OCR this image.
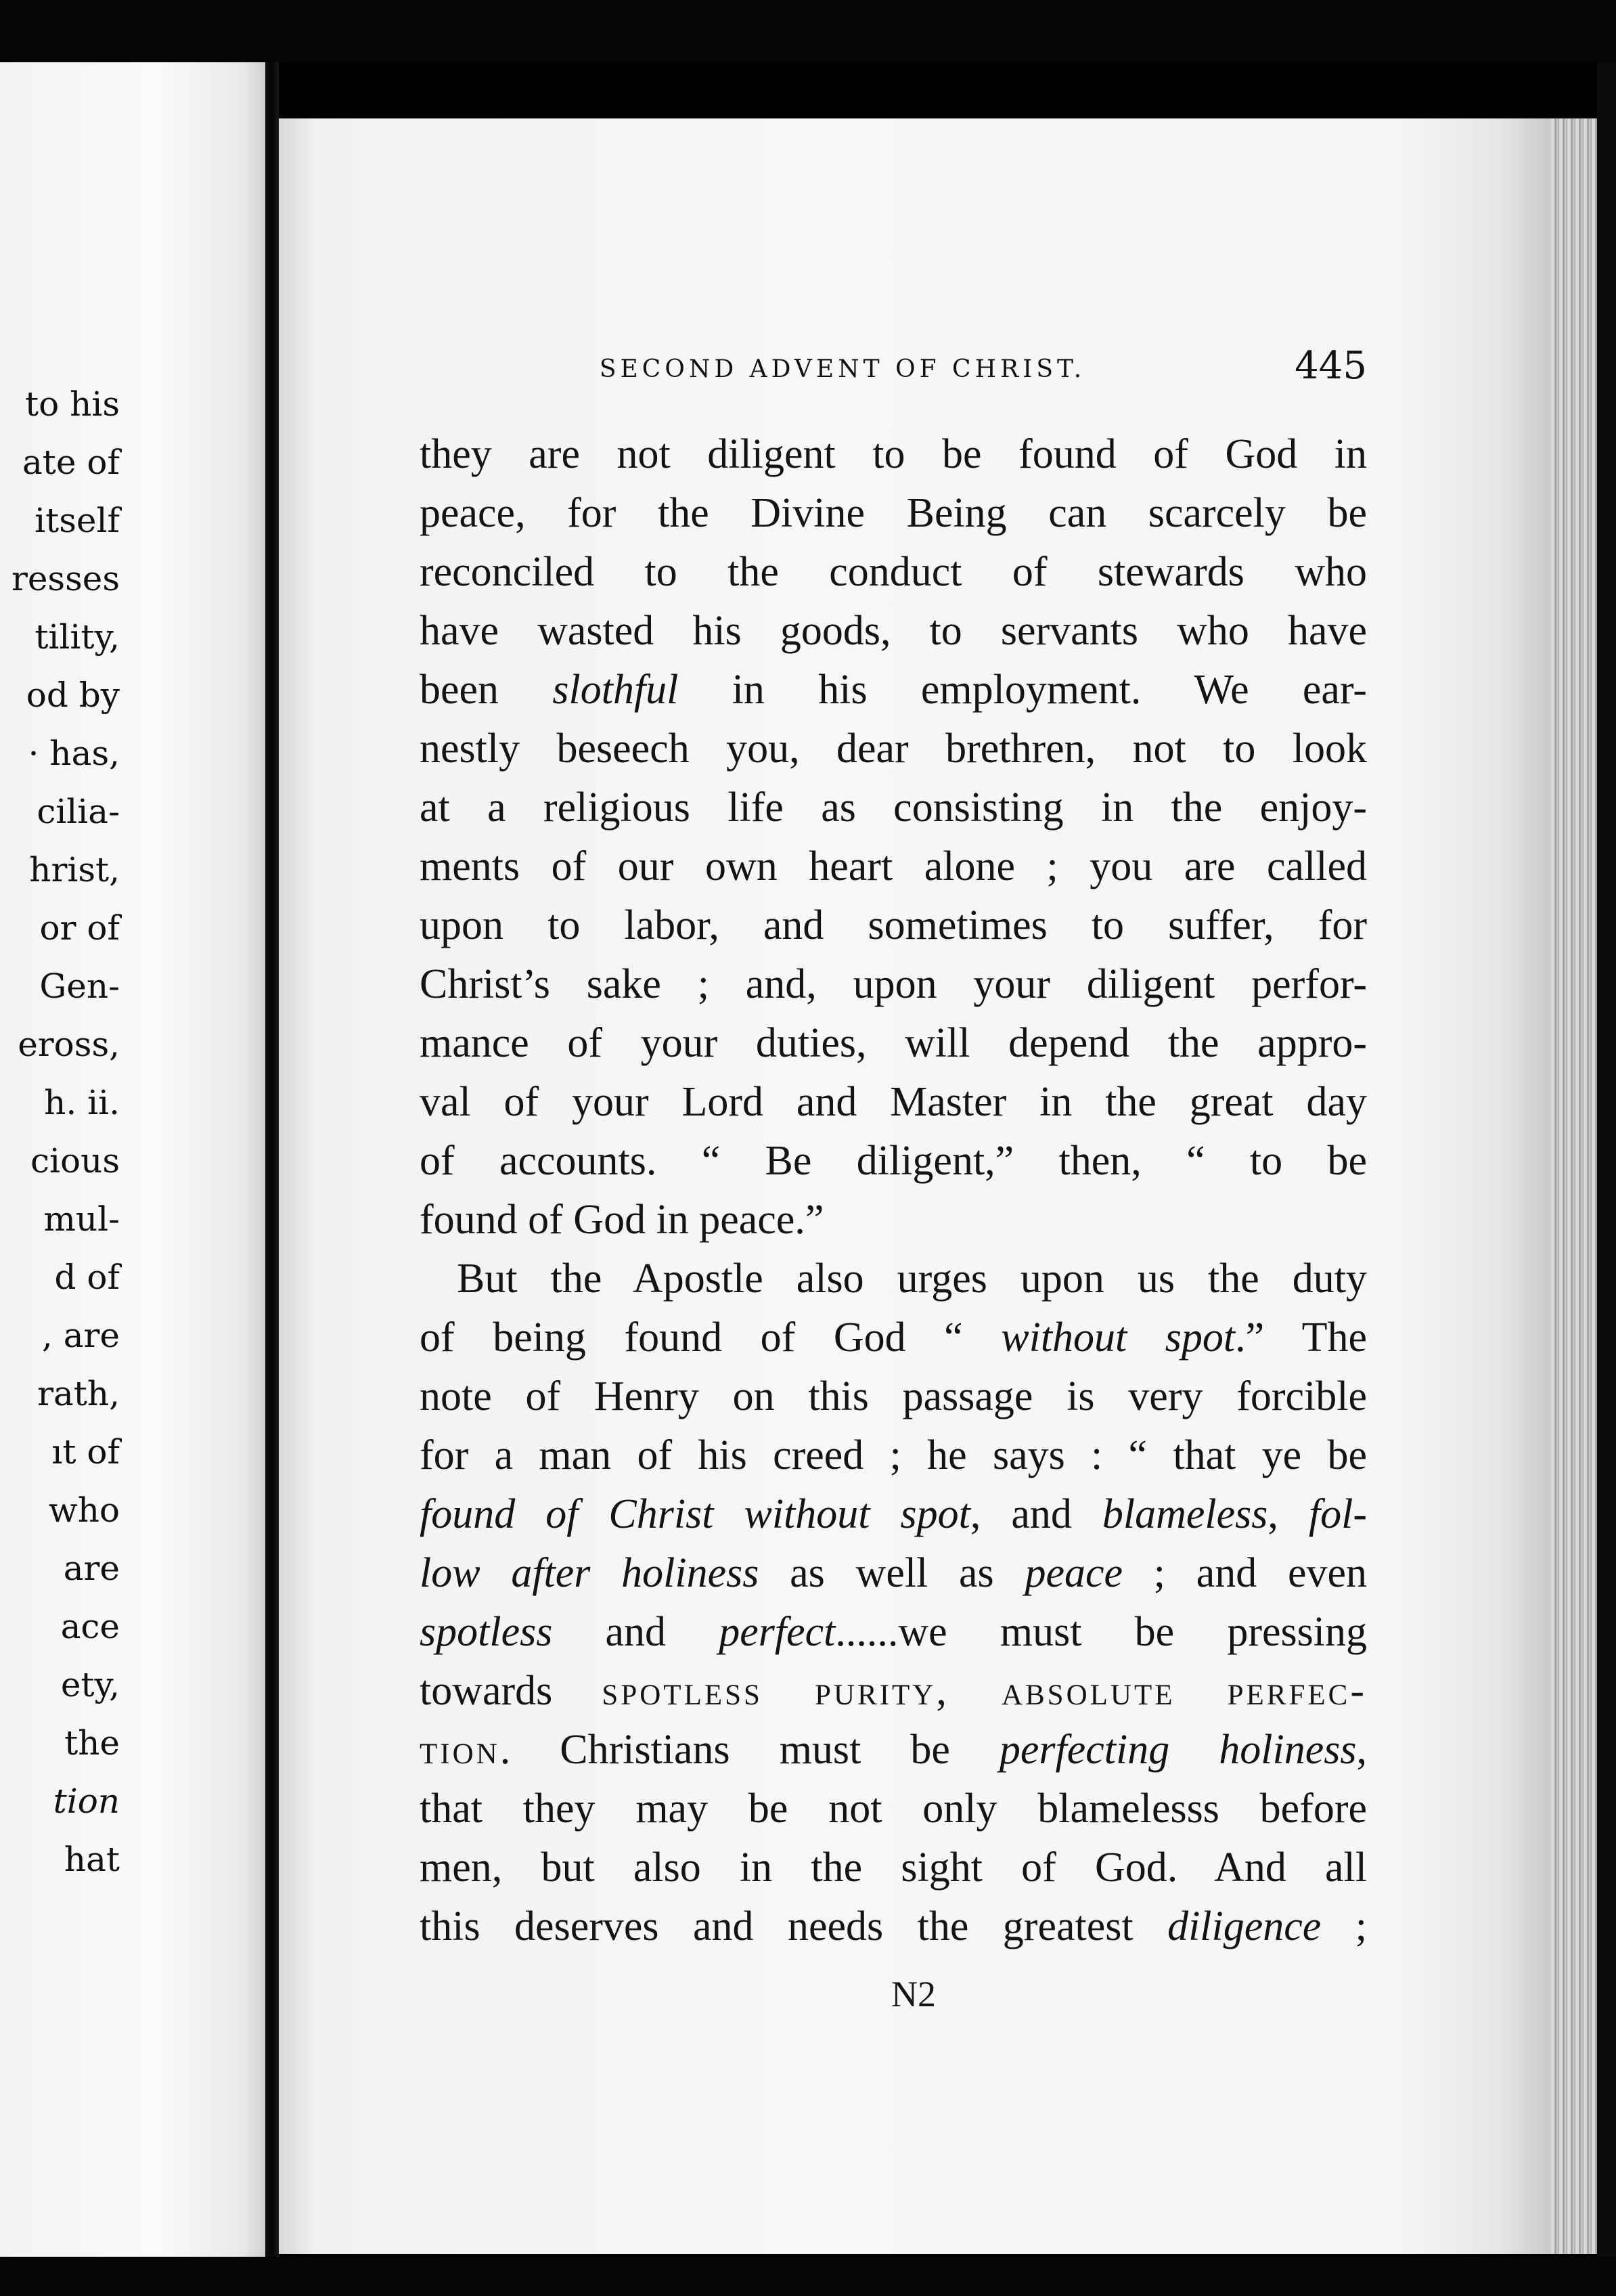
to his
ate of
itself
resses
tility,
od by
· has,
cilia-
hrist,
or of
Gen-
eross,
h. ii.
cious
mul-
d of
, are
rath,
ıt of
who
are
ace
ety,
the
tion
hat
SECOND ADVENT OF CHRIST.	445
they are not diligent to be found of God in
peace, for the Divine Being can scarcely be
reconciled to the conduct of stewards who
have wasted his goods, to servants who have
been slothful in his employment. We ear-
nestly beseech you, dear brethren, not to look
at a religious life as consisting in the enjoy-
ments of our own heart alone ; you are called
upon to labor, and sometimes to suffer, for
Christ’s sake ; and, upon your diligent perfor-
mance of your duties, will depend the appro-
val of your Lord and Master in the great day
of accounts. “ Be diligent,” then, “ to be
found of God in peace.”
But the Apostle also urges upon us the duty
of being found of God “ without spot.” The
note of Henry on this passage is very forcible
for a man of his creed ; he says : “ that ye be
found of Christ without spot, and blameless, fol-
low after holiness as well as peace ; and even
spotless and perfect......we must be pressing
towards spotless purity, absolute perfec-
tion. Christians must be perfecting holiness,
that they may be not only blamelesss before
men, but also in the sight of God. And all
this deserves and needs the greatest diligence ;
N2
